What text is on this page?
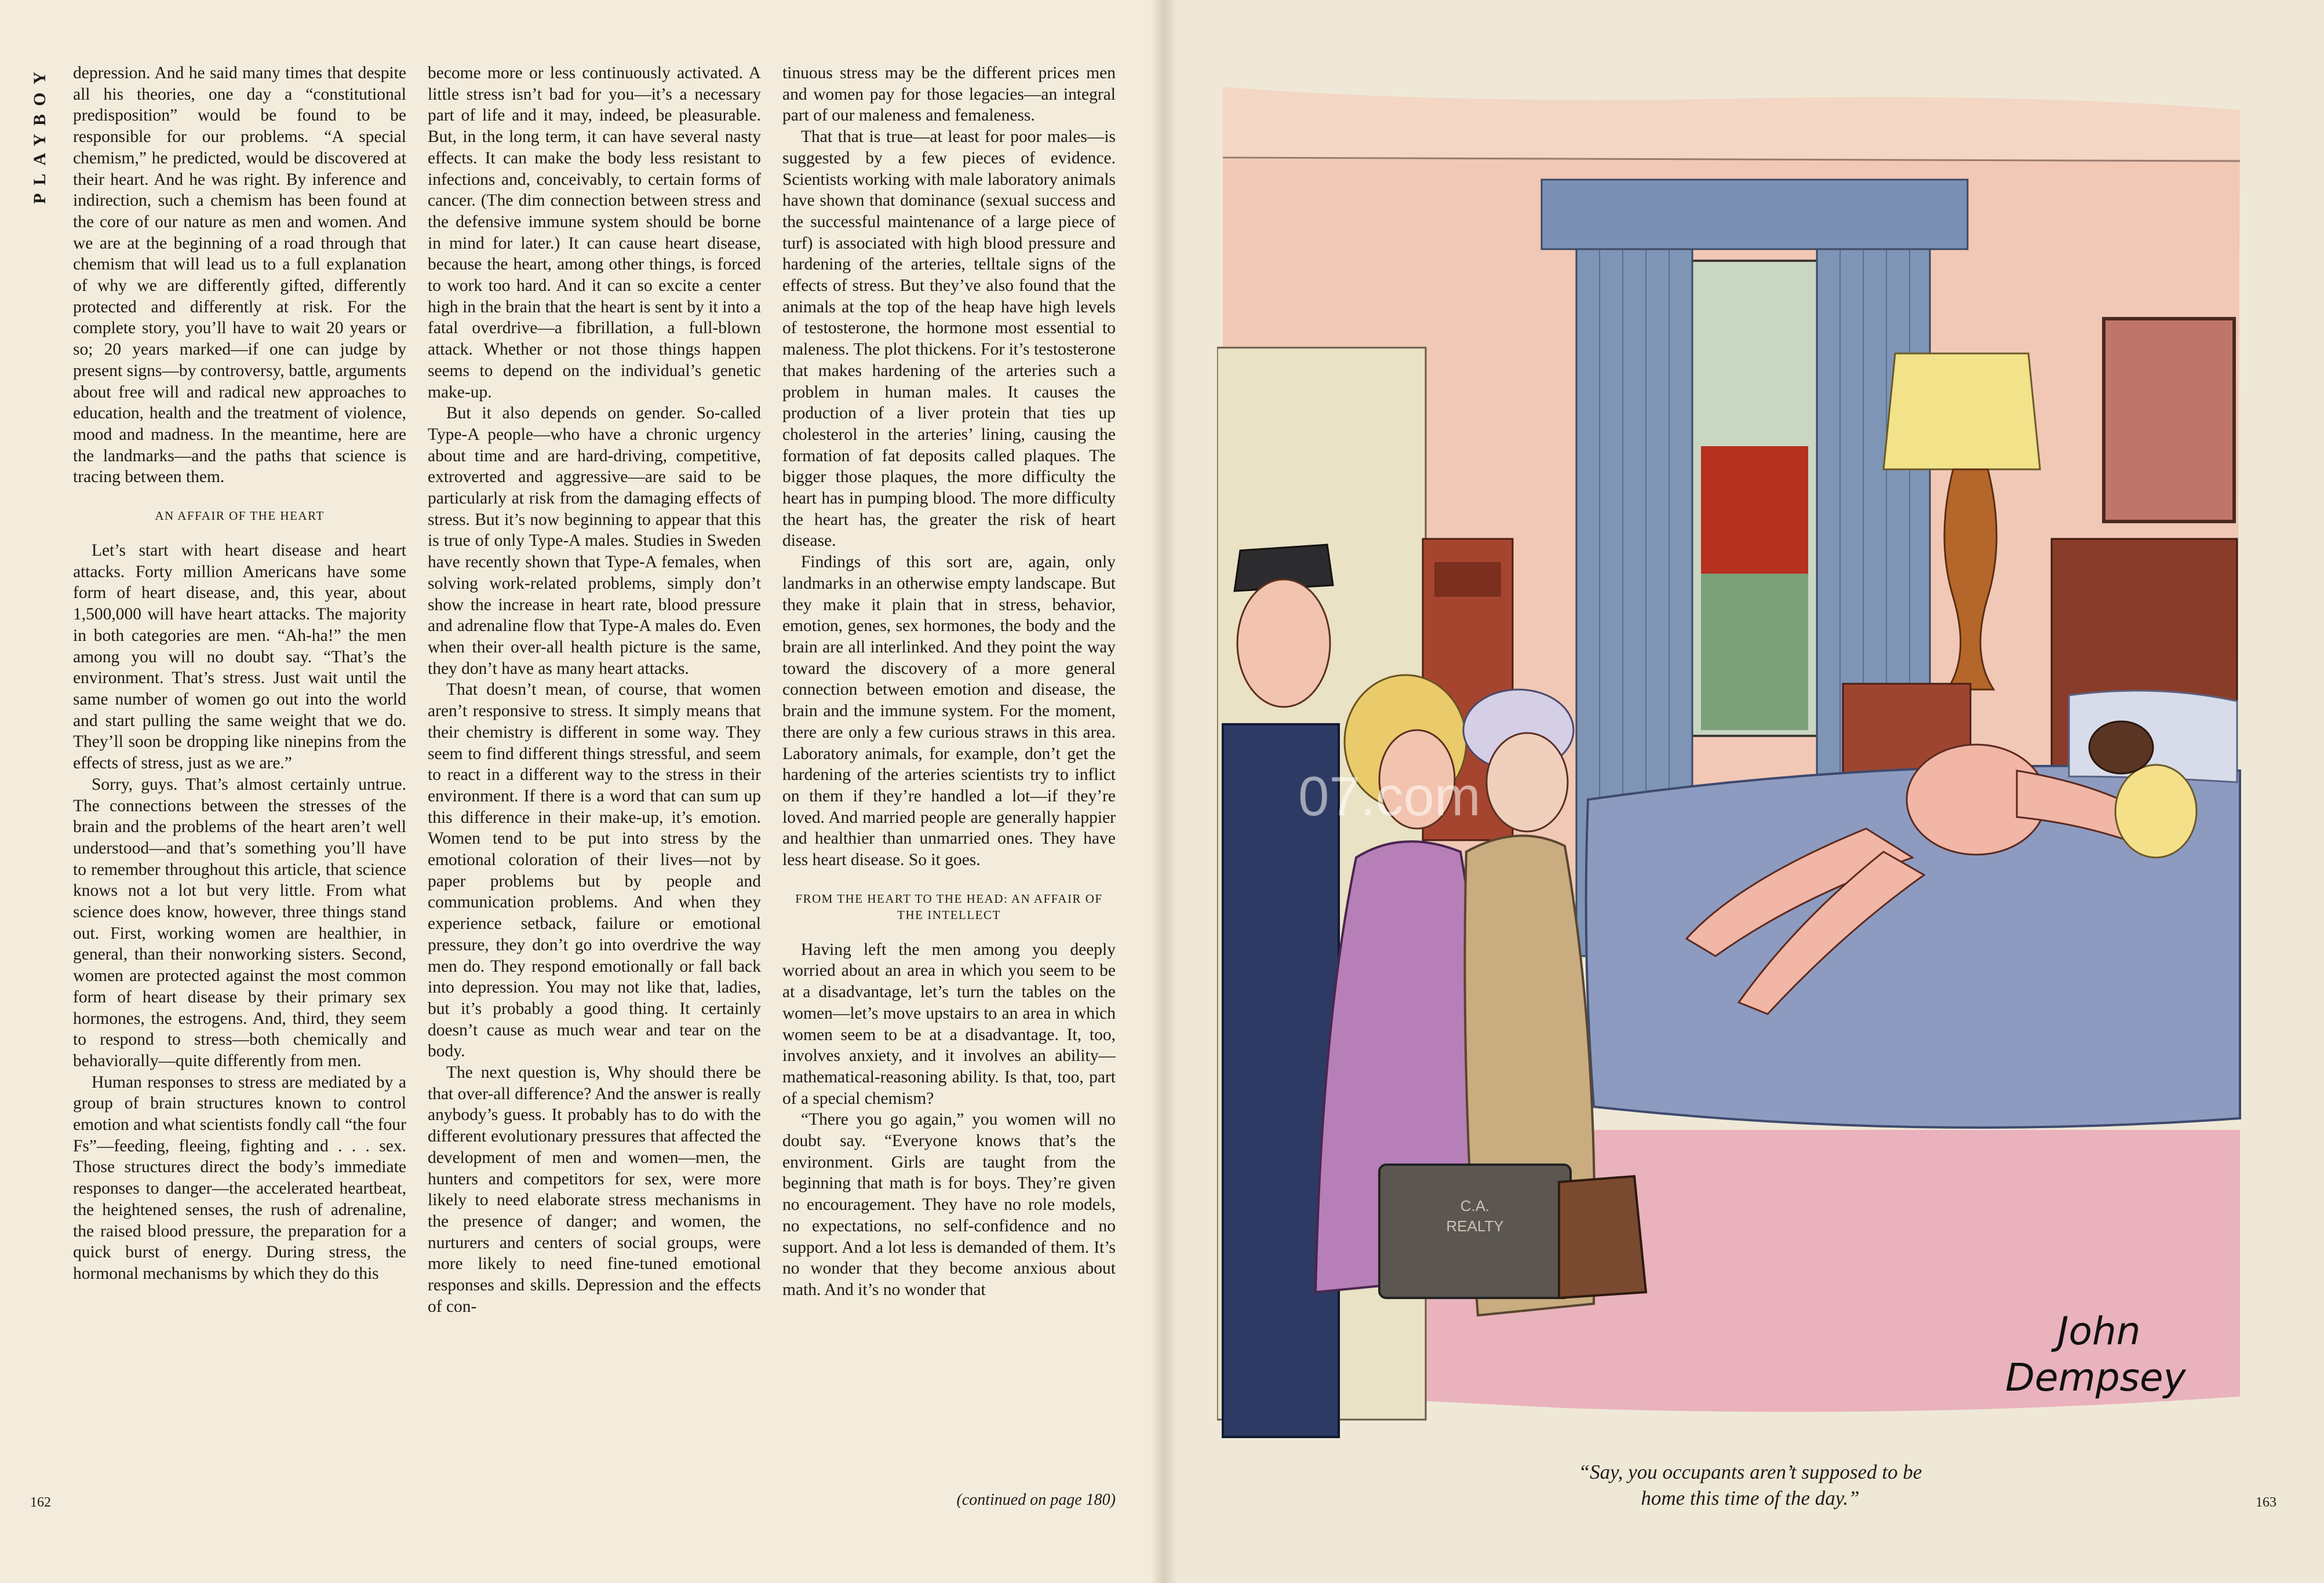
PLAYBOY depression. And he said many times that despite all his theories, one day a “constitutional predisposition” would be found to be responsible for our problems. “A special chemism,” he predicted, would be discovered at their heart. And he was right. By inference and indirection, such a chemism has been found at the core of our nature as men and women. And we are at the beginning of a road through that chemism that will lead us to a full explanation of why we are differently gifted, differently protected and differently at risk. For the complete story, you’ll have to wait 20 years or so; 20 years marked—if one can judge by present signs—by controversy, battle, arguments about free will and radical new approaches to education, health and the treatment of violence, mood and madness. In the meantime, here are the landmarks—and the paths that science is tracing between them.

AN AFFAIR OF THE HEART

Let’s start with heart disease and heart attacks. Forty million Americans have some form of heart disease, and, this year, about 1,500,000 will have heart attacks. The majority in both categories are men. “Ah-ha!” the men among you will no doubt say. “That’s the environment. That’s stress. Just wait until the same number of women go out into the world and start pulling the same weight that we do. They’ll soon be dropping like ninepins from the effects of stress, just as we are.”

Sorry, guys. That’s almost certainly untrue. The connections between the stresses of the brain and the problems of the heart aren’t well understood—and that’s something you’ll have to remember throughout this article, that science knows not a lot but very little. From what science does know, however, three things stand out. First, working women are healthier, in general, than their nonworking sisters. Second, women are protected against the most common form of heart disease by their primary sex hormones, the estrogens. And, third, they seem to respond to stress—both chemically and behaviorally—quite differently from men.

Human responses to stress are mediated by a group of brain structures known to control emotion and what scientists fondly call “the four Fs”—feeding, fleeing, fighting and . . . sex. Those structures direct the body’s immediate responses to danger—the accelerated heartbeat, the heightened senses, the rush of adrenaline, the raised blood pressure, the preparation for a quick burst of energy. During stress, the hormonal mechanisms by which they do this

become more or less continuously activated. A little stress isn’t bad for you—it’s a necessary part of life and it may, indeed, be pleasurable. But, in the long term, it can have several nasty effects. It can make the body less resistant to infections and, conceivably, to certain forms of cancer. (The dim connection between stress and the defensive immune system should be borne in mind for later.) It can cause heart disease, because the heart, among other things, is forced to work too hard. And it can so excite a center high in the brain that the heart is sent by it into a fatal overdrive—a fibrillation, a full-blown attack. Whether or not those things happen seems to depend on the individual’s genetic make-up.

But it also depends on gender. So-called Type-A people—who have a chronic urgency about time and are hard-driving, competitive, extroverted and aggressive—are said to be particularly at risk from the damaging effects of stress. But it’s now beginning to appear that this is true of only Type-A males. Studies in Sweden have recently shown that Type-A females, when solving work-related problems, simply don’t show the increase in heart rate, blood pressure and adrenaline flow that Type-A males do. Even when their over-all health picture is the same, they don’t have as many heart attacks.

That doesn’t mean, of course, that women aren’t responsive to stress. It simply means that their chemistry is different in some way. They seem to find different things stressful, and seem to react in a different way to the stress in their environment. If there is a word that can sum up this difference in their make-up, it’s emotion. Women tend to be put into stress by the emotional coloration of their lives—not by paper problems but by people and communication problems. And when they experience setback, failure or emotional pressure, they don’t go into overdrive the way men do. They respond emotionally or fall back into depression. You may not like that, ladies, but it’s probably a good thing. It certainly doesn’t cause as much wear and tear on the body.

The next question is, Why should there be that over-all difference? And the answer is really anybody’s guess. It probably has to do with the different evolutionary pressures that affected the development of men and women—men, the hunters and competitors for sex, were more likely to need elaborate stress mechanisms in the presence of danger; and women, the nurturers and centers of social groups, were more likely to need fine-tuned emotional responses and skills. Depression and the effects of con-

tinuous stress may be the different prices men and women pay for those legacies—an integral part of our maleness and femaleness.

That that is true—at least for poor males—is suggested by a few pieces of evidence. Scientists working with male laboratory animals have shown that dominance (sexual success and the successful maintenance of a large piece of turf) is associated with high blood pressure and hardening of the arteries, telltale signs of the effects of stress. But they’ve also found that the animals at the top of the heap have high levels of testosterone, the hormone most essential to maleness. The plot thickens. For it’s testosterone that makes hardening of the arteries such a problem in human males. It causes the production of a liver protein that ties up cholesterol in the arteries’ lining, causing the formation of fat deposits called plaques. The bigger those plaques, the more difficulty the heart has in pumping blood. The more difficulty the heart has, the greater the risk of heart disease.

Findings of this sort are, again, only landmarks in an otherwise empty landscape. But they make it plain that in stress, behavior, emotion, genes, sex hormones, the body and the brain are all interlinked. And they point the way toward the discovery of a more general connection between emotion and disease, the brain and the immune system. For the moment, there are only a few curious straws in this area. Laboratory animals, for example, don’t get the hardening of the arteries scientists try to inflict on them if they’re handled a lot—if they’re loved. And married people are generally happier and healthier than unmarried ones. They have less heart disease. So it goes.

FROM THE HEART TO THE HEAD: AN AFFAIR OF THE INTELLECT

Having left the men among you deeply worried about an area in which you seem to be at a disadvantage, let’s turn the tables on the women—let’s move upstairs to an area in which women seem to be at a disadvantage. It, too, involves anxiety, and it involves an ability—mathematical-reasoning ability. Is that, too, part of a special chemism?

“There you go again,” you women will no doubt say. “Everyone knows that’s the environment. Girls are taught from the beginning that math is for boys. They’re given no encouragement. They have no role models, no expectations, no self-confidence and no support. And a lot less is demanded of them. It’s no wonder that they become anxious about math. And it’s no wonder that

162	(continued on page 180)	163
C.A.
REALTY
John
Dempsey
07.com
“Say, you occupants aren’t supposed to be
home this time of the day.”
